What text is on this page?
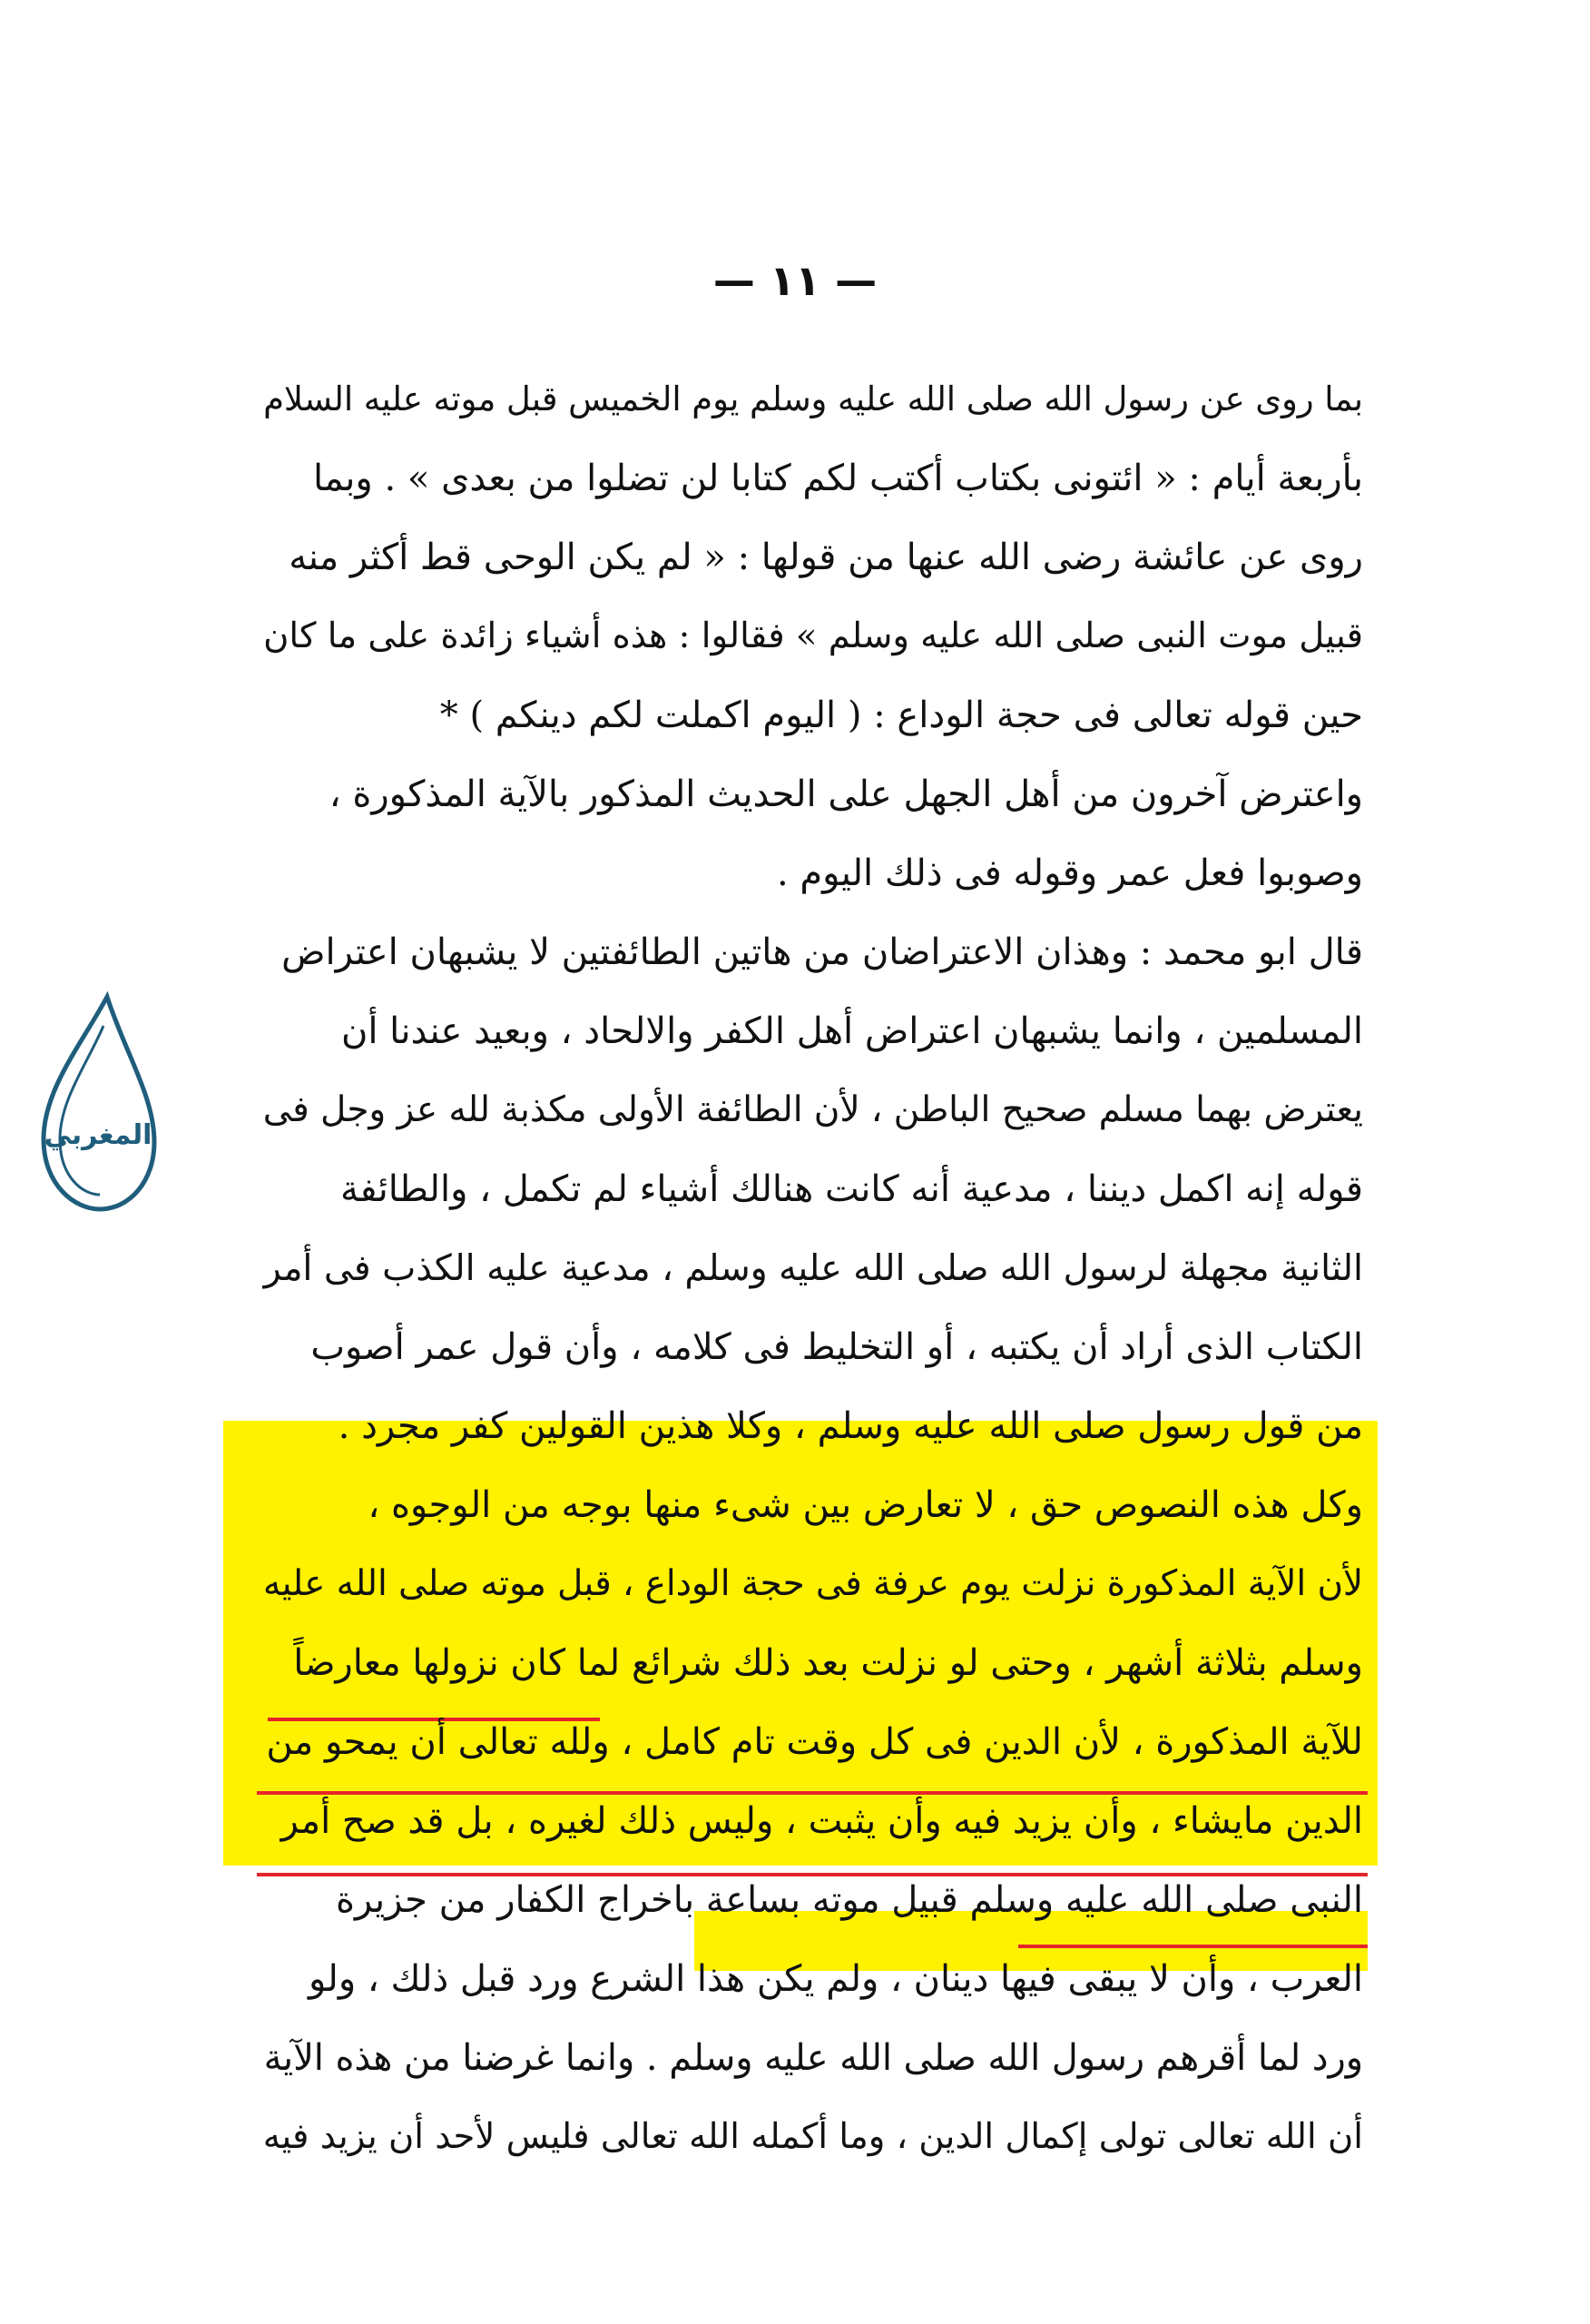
— ١١ —
بما روى عن رسول الله صلى الله عليه وسلم يوم الخميس قبل موته عليه السلام
بأربعة أيام : « ائتونى بكتاب أكتب لكم كتابا لن تضلوا من بعدى » . وبما
روى عن عائشة رضى الله عنها من قولها : « لم يكن الوحى قط أكثر منه
قبيل موت النبى صلى الله عليه وسلم » فقالوا : هذه أشياء زائدة على ما كان
حين قوله تعالى فى حجة الوداع : ( اليوم اكملت لكم دينكم ) *
واعترض آخرون من أهل الجهل على الحديث المذكور بالآية المذكورة ،
وصوبوا فعل عمر وقوله فى ذلك اليوم .
قال ابو محمد : وهذان الاعتراضان من هاتين الطائفتين لا يشبهان اعتراض
المسلمين ، وانما يشبهان اعتراض أهل الكفر والالحاد ، وبعيد عندنا أن
يعترض بهما مسلم صحيح الباطن ، لأن الطائفة الأولى مكذبة لله عز وجل فى
قوله إنه اكمل ديننا ، مدعية أنه كانت هنالك أشياء لم تكمل ، والطائفة
الثانية مجهلة لرسول الله صلى الله عليه وسلم ، مدعية عليه الكذب فى أمر
الكتاب الذى أراد أن يكتبه ، أو التخليط فى كلامه ، وأن قول عمر أصوب
من قول رسول صلى الله عليه وسلم ، وكلا هذين القولين كفر مجرد .
وكل هذه النصوص حق ، لا تعارض بين شىء منها بوجه من الوجوه ،
لأن الآية المذكورة نزلت يوم عرفة فى حجة الوداع ، قبل موته صلى الله عليه
وسلم بثلاثة أشهر ، وحتى لو نزلت بعد ذلك شرائع لما كان نزولها معارضاً
للآية المذكورة ، لأن الدين فى كل وقت تام كامل ، ولله تعالى أن يمحو من
الدين مايشاء ، وأن يزيد فيه وأن يثبت ، وليس ذلك لغيره ، بل قد صح أمر
النبى صلى الله عليه وسلم قبيل موته بساعة باخراج الكفار من جزيرة
العرب ، وأن لا يبقى فيها دينان ، ولم يكن هذا الشرع ورد قبل ذلك ، ولو
ورد لما أقرهم رسول الله صلى الله عليه وسلم . وانما غرضنا من هذه الآية
أن الله تعالى تولى إكمال الدين ، وما أكمله الله تعالى فليس لأحد أن يزيد فيه
المغربي
